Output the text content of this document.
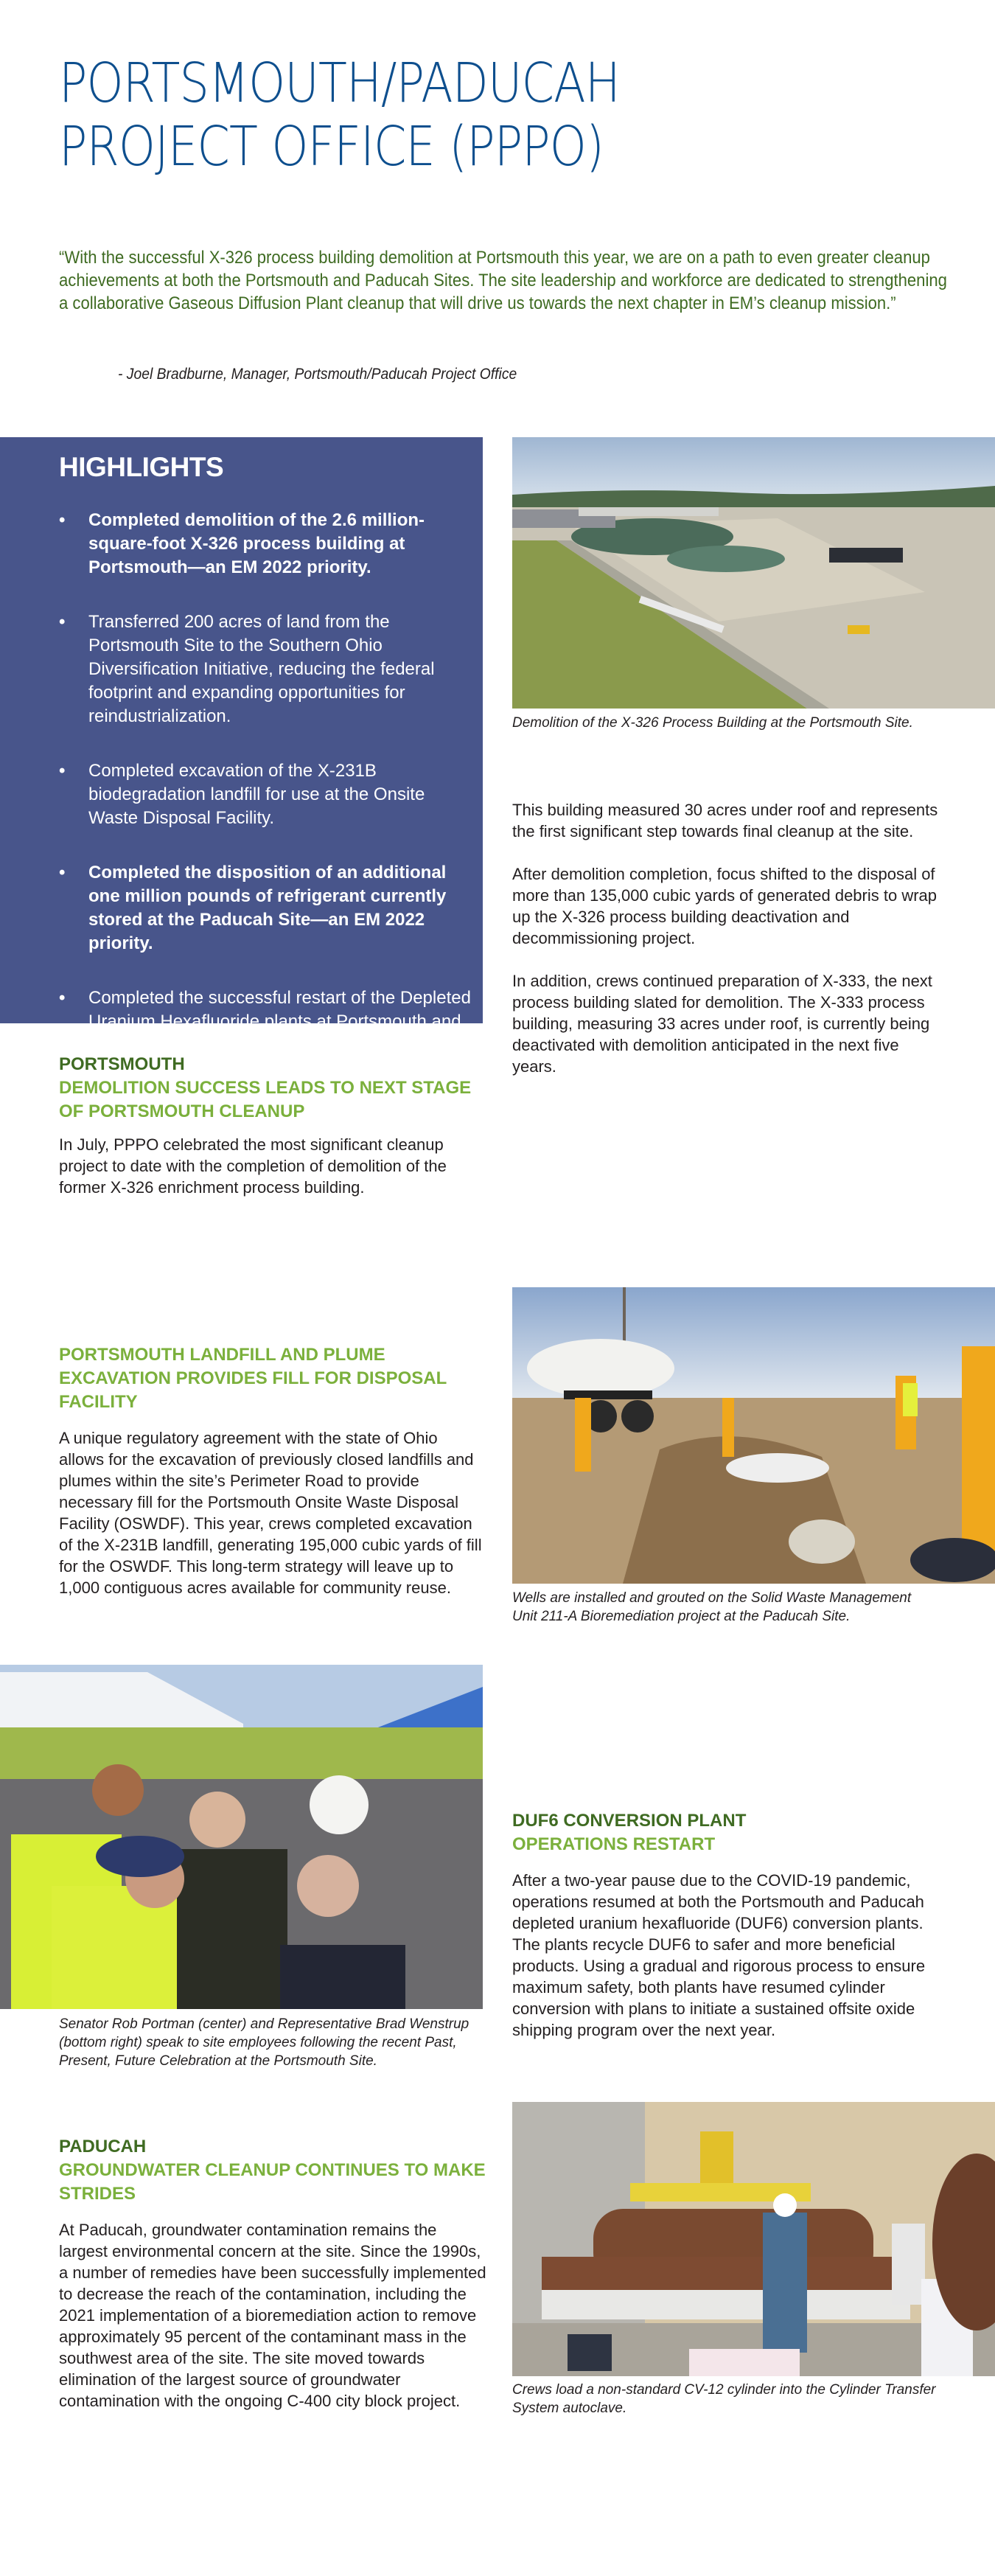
PORTSMOUTH/PADUCAH
PROJECT OFFICE (PPPO)
“With the successful X-326 process building demolition at Portsmouth this year, we are on a path to even greater cleanup achievements at both the Portsmouth and Paducah Sites. The site leadership and workforce are dedicated to strengthening a collaborative Gaseous Diffusion Plant cleanup that will drive us towards the next chapter in EM’s cleanup mission.”
- Joel Bradburne, Manager, Portsmouth/Paducah Project Office
HIGHLIGHTS
• Completed demolition of the 2.6 million-square-foot X-326 process building at Portsmouth—an EM 2022 priority.
• Transferred 200 acres of land from the Portsmouth Site to the Southern Ohio Diversification Initiative, reducing the federal footprint and expanding opportunities for reindustrialization.
• Completed excavation of the X-231B biodegradation landfill for use at the Onsite Waste Disposal Facility.
• Completed the disposition of an additional one million pounds of refrigerant currently stored at the Paducah Site—an EM 2022 priority.
• Completed the successful restart of the Depleted Uranium Hexafluoride plants at Portsmouth and Paducah Sites.
Demolition of the X-326 Process Building at the Portsmouth Site.

This building measured 30 acres under roof and represents the first significant step towards final cleanup at the site.

After demolition completion, focus shifted to the disposal of more than 135,000 cubic yards of generated debris to wrap up the X-326 process building deactivation and decommissioning project.

In addition, crews continued preparation of X-333, the next process building slated for demolition. The X-333 process building, measuring 33 acres under roof, is currently being deactivated with demolition anticipated in the next five years.

PORTSMOUTH
DEMOLITION SUCCESS LEADS TO NEXT STAGE OF PORTSMOUTH CLEANUP

In July, PPPO celebrated the most significant cleanup project to date with the completion of demolition of the former X-326 enrichment process building.

PORTSMOUTH LANDFILL AND PLUME EXCAVATION PROVIDES FILL FOR DISPOSAL FACILITY

A unique regulatory agreement with the state of Ohio allows for the excavation of previously closed landfills and plumes within the site’s Perimeter Road to provide necessary fill for the Portsmouth Onsite Waste Disposal Facility (OSWDF). This year, crews completed excavation of the X-231B landfill, generating 195,000 cubic yards of fill for the OSWDF. This long-term strategy will leave up to 1,000 contiguous acres available for community reuse.

Wells are installed and grouted on the Solid Waste Management Unit 211-A Bioremediation project at the Paducah Site.
Senator Rob Portman (center) and Representative Brad Wenstrup (bottom right) speak to site employees following the recent Past, Present, Future Celebration at the Portsmouth Site.
DUF6 CONVERSION PLANT
OPERATIONS RESTART

After a two-year pause due to the COVID-19 pandemic, operations resumed at both the Portsmouth and Paducah depleted uranium hexafluoride (DUF6) conversion plants. The plants recycle DUF6 to safer and more beneficial products. Using a gradual and rigorous process to ensure maximum safety, both plants have resumed cylinder conversion with plans to initiate a sustained offsite oxide shipping program over the next year.

PADUCAH
GROUNDWATER CLEANUP CONTINUES TO MAKE STRIDES

At Paducah, groundwater contamination remains the largest environmental concern at the site. Since the 1990s, a number of remedies have been successfully implemented to decrease the reach of the contamination, including the 2021 implementation of a bioremediation action to remove approximately 95 percent of the contaminant mass in the southwest area of the site. The site moved towards elimination of the largest source of groundwater contamination with the ongoing C-400 city block project.

Crews load a non-standard CV-12 cylinder into the Cylinder Transfer System autoclave.
